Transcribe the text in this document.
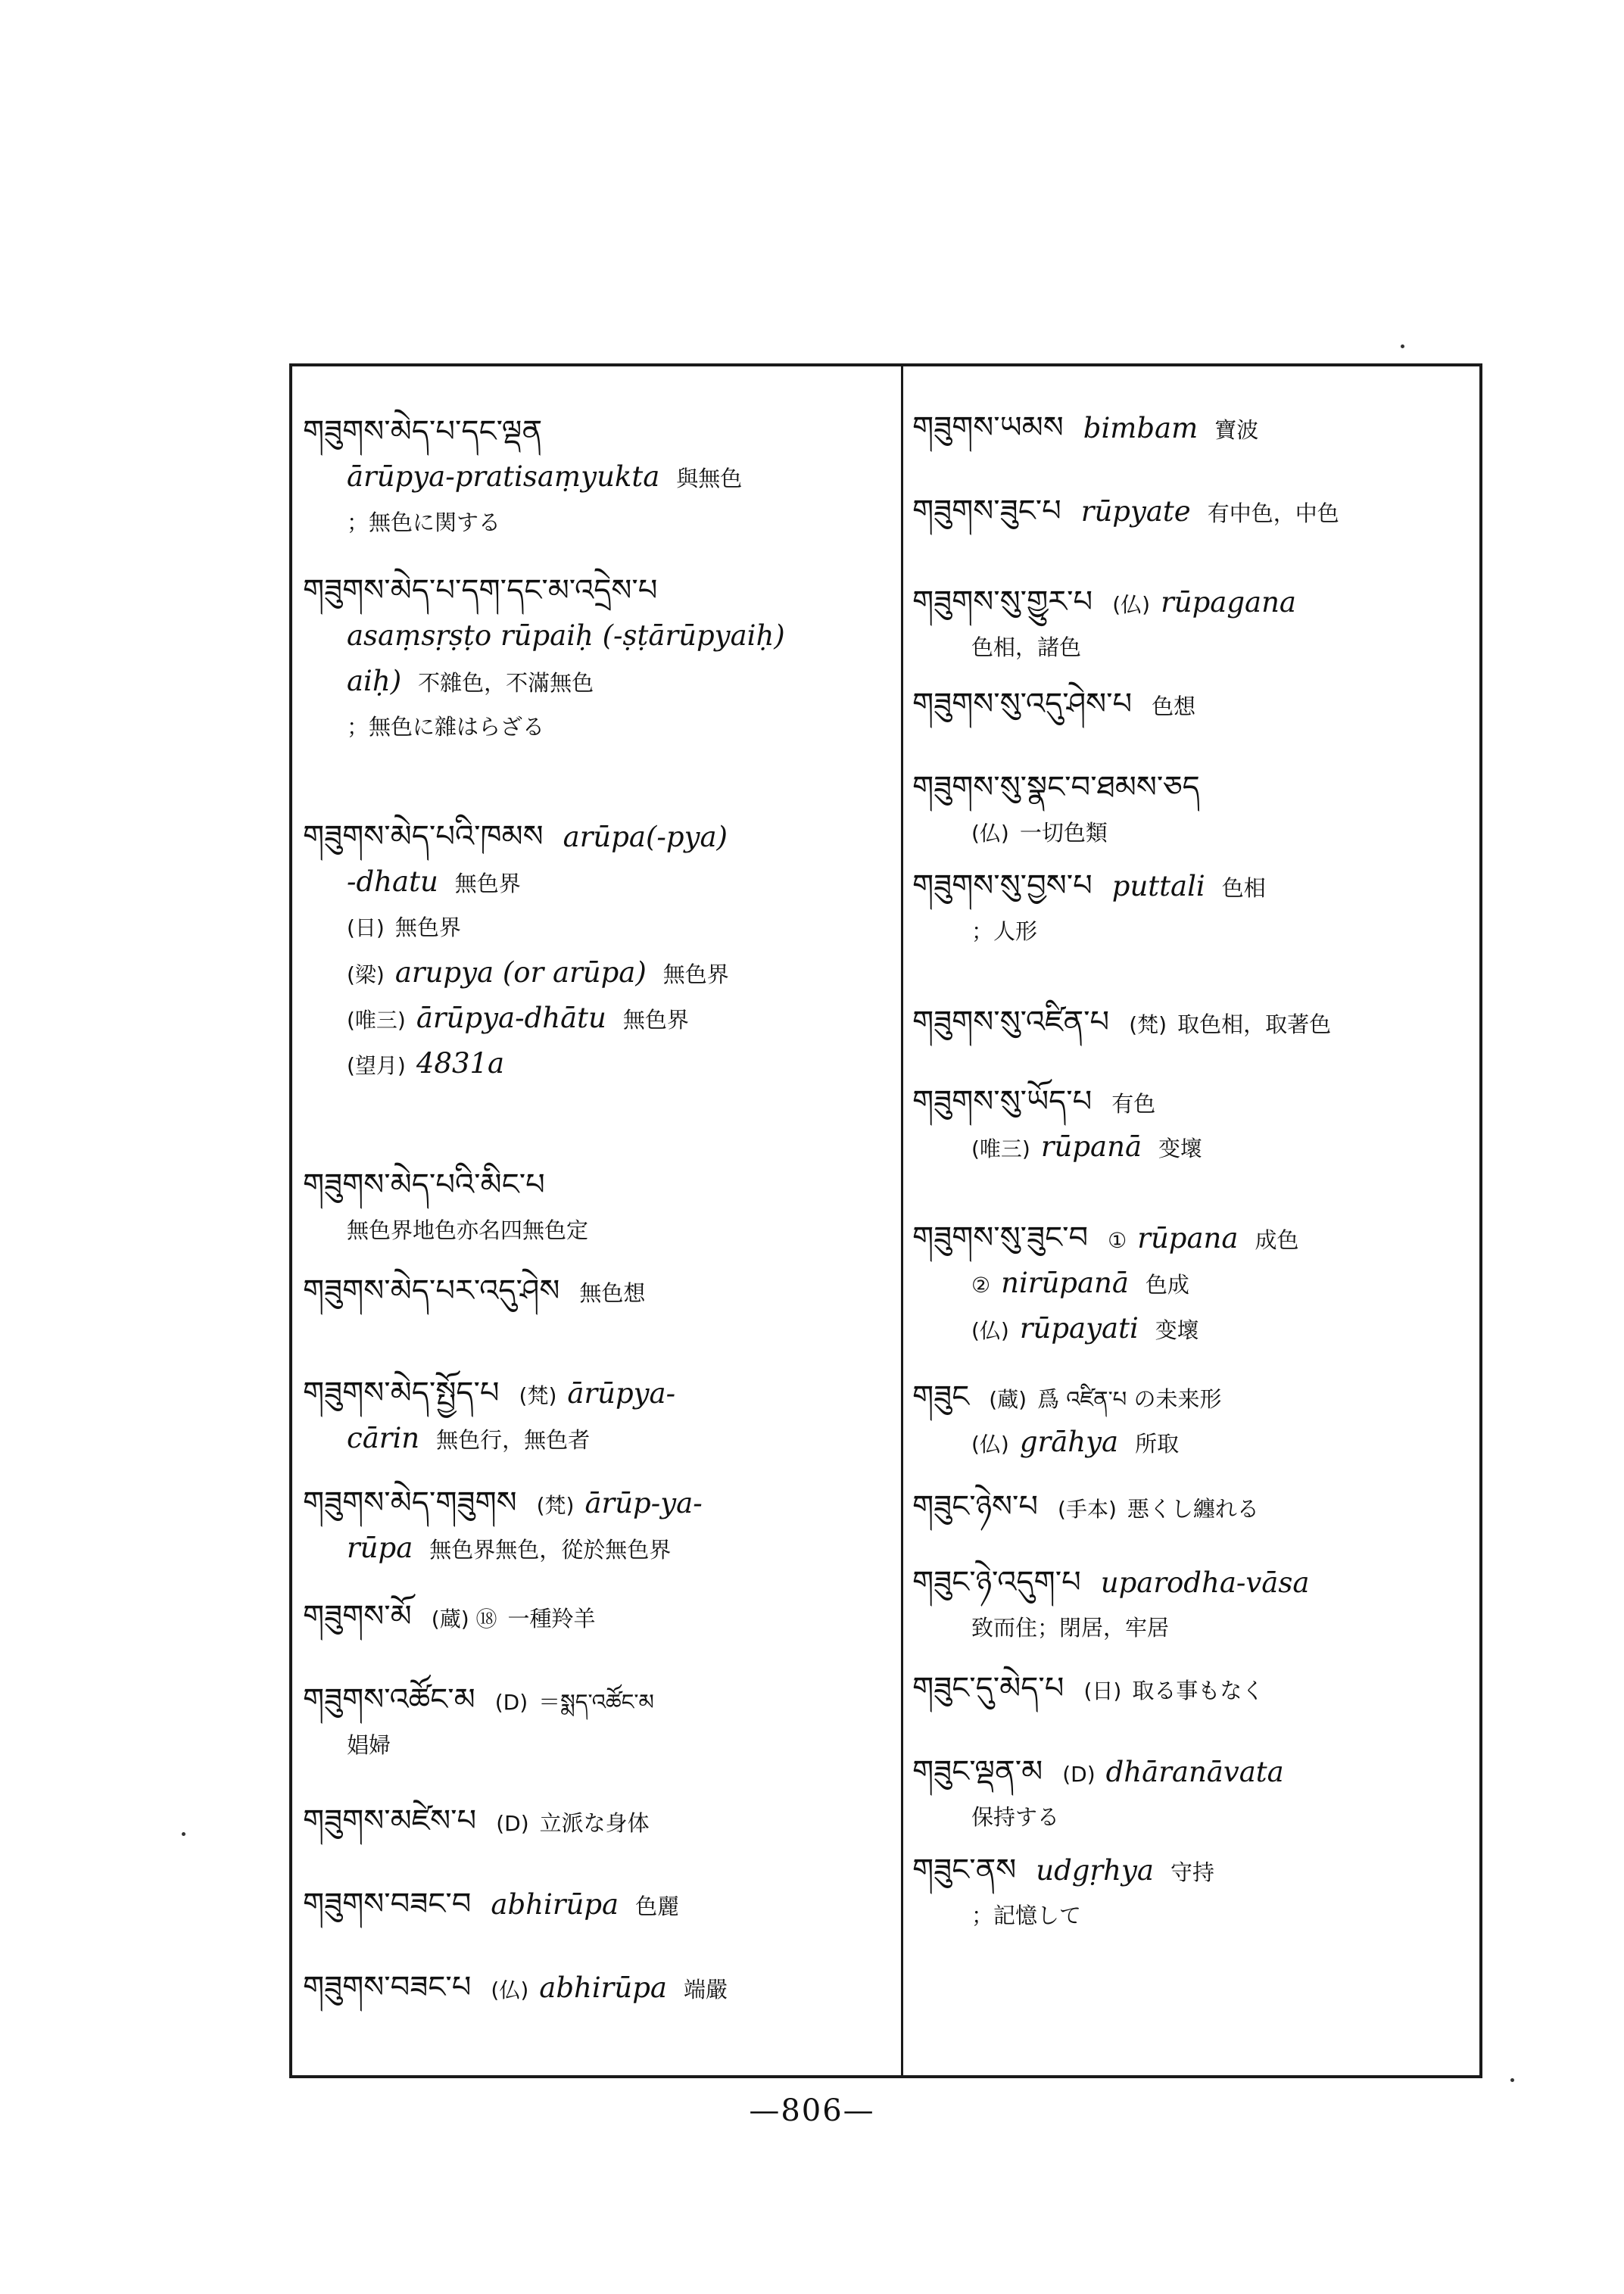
གཟུགས་མེད་པ་དང་ལྡན
ārūpya-pratisaṃyukta 與無色
；無色に関する
གཟུགས་མེད་པ་དག་དང་མ་འདྲེས་པ
asaṃsṛṣṭo rūpaiḥ (-ṣṭārūpyaiḥ)
aiḥ) 不雜色，不滿無色
；無色に雜はらざる
གཟུགས་མེད་པའི་ཁམས arūpa(-pya)
-dhatu 無色界
(日) 無色界
(梁) arupya (or arūpa) 無色界
(唯三) ārūpya-dhātu 無色界
(望月) 4831a
གཟུགས་མེད་པའི་མིང་པ
無色界地色亦名四無色定
གཟུགས་མེད་པར་འདུ་ཤེས 無色想
གཟུགས་མེད་སྤྱོད་པ (梵) ārūpya-
cārin 無色行，無色者
གཟུགས་མེད་གཟུགས (梵) ārūp-ya-
rūpa 無色界無色，從於無色界
གཟུགས་མོ (蔵) ⑱ 一種羚羊
གཟུགས་འཚོང་མ (D) ＝སྨད་འཚོང་མ
娼婦
གཟུགས་མཛེས་པ (D) 立派な身体
གཟུགས་བཟང་བ abhirūpa 色麗
གཟུགས་བཟང་པ (仏) abhirūpa 端嚴
གཟུགས་ཡམས bimbam 寶波
གཟུགས་ཟུང་པ rūpyate 有中色，中色
གཟུགས་སུ་གྱུར་པ (仏) rūpagana
色相，諸色
གཟུགས་སུ་འདུ་ཤེས་པ 色想
གཟུགས་སུ་སྣང་བ་ཐམས་ཅད
(仏) 一切色類
གཟུགས་སུ་བྱས་པ puttali 色相
；人形
གཟུགས་སུ་འཛིན་པ (梵) 取色相，取著色
གཟུགས་སུ་ཡོད་པ 有色
(唯三) rūpanā 变壞
གཟུགས་སུ་ཟུང་བ ① rūpana 成色
② nirūpanā 色成
(仏) rūpayati 变壞
གཟུང (蔵) 爲 འཛིན་པ の未来形
(仏) grāhya 所取
གཟུང་ཉེས་པ (手本) 悪くし纏れる
གཟུང་ཉེ་འདུག་པ uparodha-vāsa
致而住；閉居，牢居
གཟུང་དུ་མེད་པ (日) 取る事もなく
གཟུང་ལྡན་མ (D) dhāranāvata
保持する
གཟུང་ནས udgṛhya 守持
；記憶して
—806—
